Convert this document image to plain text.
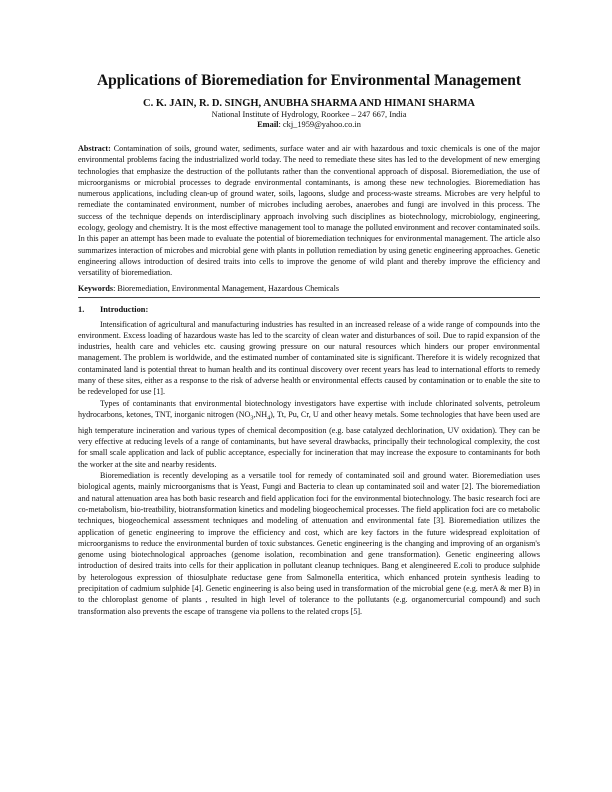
Applications of Bioremediation for Environmental Management

C. K. JAIN, R. D. SINGH, ANUBHA SHARMA AND HIMANI SHARMA

National Institute of Hydrology, Roorkee – 247 667, India

Email: ckj_1959@yahoo.co.in

Abstract: Contamination of soils, ground water, sediments, surface water and air with hazardous and toxic chemicals is one of the major environmental problems facing the industrialized world today. The need to remediate these sites has led to the development of new emerging technologies that emphasize the destruction of the pollutants rather than the conventional approach of disposal. Bioremediation, the use of microorganisms or microbial processes to degrade environmental contaminants, is among these new technologies. Bioremediation has numerous applications, including clean-up of ground water, soils, lagoons, sludge and process-waste streams. Microbes are very helpful to remediate the contaminated environment, number of microbes including aerobes, anaerobes and fungi are involved in this process. The success of the technique depends on interdisciplinary approach involving such disciplines as biotechnology, microbiology, engineering, ecology, geology and chemistry. It is the most effective management tool to manage the polluted environment and recover contaminated soils. In this paper an attempt has been made to evaluate the potential of bioremediation techniques for environmental management. The article also summarizes interaction of microbes and microbial gene with plants in pollution remediation by using genetic engineering approaches. Genetic engineering allows introduction of desired traits into cells to improve the genome of wild plant and thereby improve the efficiency and versatility of bioremediation.

Keywords: Bioremediation, Environmental Management, Hazardous Chemicals

1. Introduction:

Intensification of agricultural and manufacturing industries has resulted in an increased release of a wide range of compounds into the environment. Excess loading of hazardous waste has led to the scarcity of clean water and disturbances of soil. Due to rapid expansion of the industries, health care and vehicles etc. causing growing pressure on our natural resources which hinders our proper environmental management. The problem is worldwide, and the estimated number of contaminated site is significant. Therefore it is widely recognized that contaminated land is potential threat to human health and its continual discovery over recent years has lead to international efforts to remedy many of these sites, either as a response to the risk of adverse health or environmental effects caused by contamination or to enable the site to be redeveloped for use [1].

Types of contaminants that environmental biotechnology investigators have expertise with include chlorinated solvents, petroleum hydrocarbons, ketones, TNT, inorganic nitrogen $(NO_3,NH_4)$, Tt, Pu, Cr, U and other heavy metals. Some technologies that have been used are high temperature incineration and various types of chemical decomposition (e.g. base catalyzed dechlorination, UV oxidation). They can be very effective at reducing levels of a range of contaminants, but have several drawbacks, principally their technological complexity, the cost for small scale application and lack of public acceptance, especially for incineration that may increase the exposure to contaminants for both the worker at the site and nearby residents.

Bioremediation is recently developing as a versatile tool for remedy of contaminated soil and ground water. Bioremediation uses biological agents, mainly microorganisms that is Yeast, Fungi and Bacteria to clean up contaminated soil and water [2]. The bioremediation and natural attenuation area has both basic research and field application foci for the environmental biotechnology. The basic research foci are co-metabolism, bio-treatbility, biotransformation kinetics and modeling biogeochemical processes. The field application foci are co metabolic techniques, biogeochemical assessment techniques and modeling of attenuation and environmental fate [3]. Bioremediation utilizes the application of genetic engineering to improve the efficiency and cost, which are key factors in the future widespread exploitation of microorganisms to reduce the environmental burden of toxic substances. Genetic engineering is the changing and improving of an organism's genome using biotechnological approaches (genome isolation, recombination and gene transformation). Genetic engineering allows introduction of desired traits into cells for their application in pollutant cleanup techniques. Bang et alengineered E.coli to produce sulphide by heterologous expression of thiosulphate reductase gene from Salmonella enteritica, which enhanced protein synthesis leading to precipitation of cadmium sulphide [4]. Genetic engineering is also being used in transformation of the microbial gene (e.g. merA & mer B) in to the chloroplast genome of plants , resulted in high level of tolerance to the pollutants (e.g. organomercurial compound) and such transformation also prevents the escape of transgene via pollens to the related crops [5].
